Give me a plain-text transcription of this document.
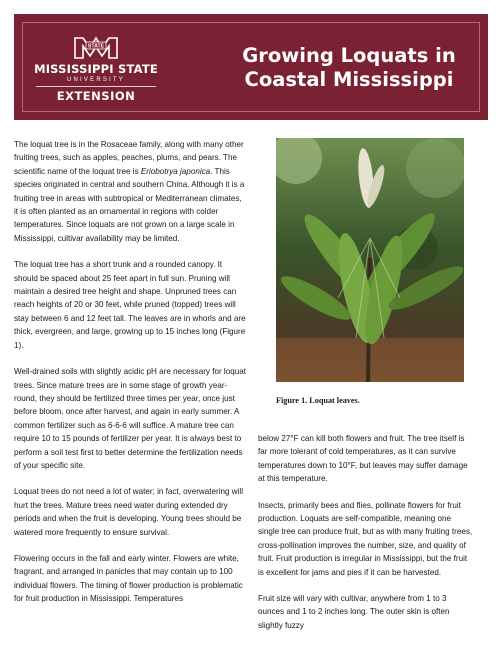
STATE
MISSISSIPPI STATE
UNIVERSITY
EXTENSION
Growing Loquats in
Coastal Mississippi

The loquat tree is in the Rosaceae family, along with many other fruiting trees, such as apples, peaches, plums, and pears. The scientific name of the loquat tree is Eriobotrya japonica. This species originated in central and southern China. Although it is a fruiting tree in areas with subtropical or Mediterranean climates, it is often planted as an ornamental in regions with colder temperatures. Since loquats are not grown on a large scale in Mississippi, cultivar availability may be limited.

The loquat tree has a short trunk and a rounded canopy. It should be spaced about 25 feet apart in full sun. Pruning will maintain a desired tree height and shape. Unpruned trees can reach heights of 20 or 30 feet, while pruned (topped) trees will stay between 6 and 12 feet tall. The leaves are in whorls and are thick, evergreen, and large, growing up to 15 inches long (Figure 1).

Well-drained soils with slightly acidic pH are necessary for loquat trees. Since mature trees are in some stage of growth year-round, they should be fertilized three times per year, once just before bloom, once after harvest, and again in early summer. A common fertilizer such as 6-6-6 will suffice. A mature tree can require 10 to 15 pounds of fertilizer per year. It is always best to perform a soil test first to better determine the fertilization needs of your specific site.

Loquat trees do not need a lot of water; in fact, overwatering will hurt the trees. Mature trees need water during extended dry periods and when the fruit is developing. Young trees should be watered more frequently to ensure survival.

Flowering occurs in the fall and early winter. Flowers are white, fragrant, and arranged in panicles that may contain up to 100 individual flowers. The timing of flower production is problematic for fruit production in Mississippi. Temperatures

Figure 1. Loquat leaves.

below 27°F can kill both flowers and fruit. The tree itself is far more tolerant of cold temperatures, as it can survive temperatures down to 10°F, but leaves may suffer damage at this temperature.

Insects, primarily bees and flies, pollinate flowers for fruit production. Loquats are self-compatible, meaning one single tree can produce fruit, but as with many fruiting trees, cross-pollination improves the number, size, and quality of fruit. Fruit production is irregular in Mississippi, but the fruit is excellent for jams and pies if it can be harvested.

Fruit size will vary with cultivar, anywhere from 1 to 3 ounces and 1 to 2 inches long. The outer skin is often slightly fuzzy
